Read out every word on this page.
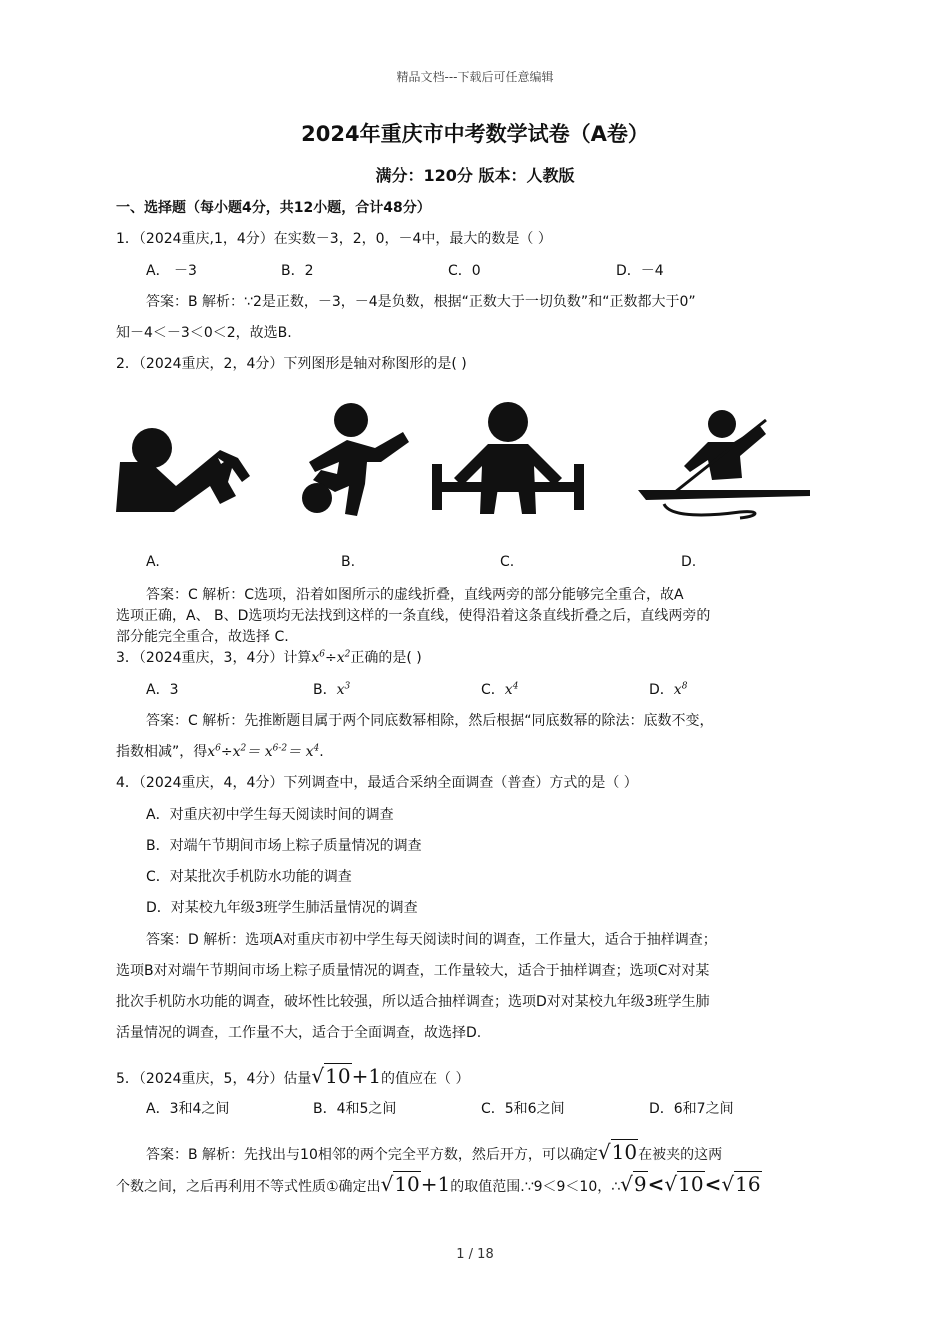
精品文档---下载后可任意编辑
2024年重庆市中考数学试卷（A卷）
满分：120分 版本：人教版
一、选择题（每小题4分，共12小题，合计48分）
1．（2024重庆,1，4分）在实数－3，2，0，－4中，最大的数是（ ）
A． －3	B．2	C．0	D．－4
答案：B 解析：∵2是正数，－3，－4是负数，根据“正数大于一切负数”和“正数都大于0”
知－4＜－3＜0＜2，故选B.
2．（2024重庆，2，4分）下列图形是轴对称图形的是( )
A.	B.	C.	D.
答案：C 解析：C选项，沿着如图所示的虚线折叠，直线两旁的部分能够完全重合，故A
选项正确，A、 B、D选项均无法找到这样的一条直线，使得沿着这条直线折叠之后，直线两旁的
部分能完全重合，故选择 C.
3．（2024重庆，3，4分）计算$x^6\div x^2$正确的是( )
A．3	B．$x^3$	C．$x^4$	D．$x^8$
答案：C 解析：先推断题目属于两个同底数幂相除，然后根据“同底数幂的除法：底数不变，
指数相减”，得$x^6\div x^2= x^{6-2}= x^4$.
4．（2024重庆，4，4分）下列调查中，最适合采纳全面调查（普查）方式的是（ ）
A．对重庆初中学生每天阅读时间的调查
B．对端午节期间市场上粽子质量情况的调查
C．对某批次手机防水功能的调查
D．对某校九年级3班学生肺活量情况的调查
答案：D 解析：选项A对重庆市初中学生每天阅读时间的调查，工作量大，适合于抽样调查；
选项B对对端午节期间市场上粽子质量情况的调查，工作量较大，适合于抽样调查；选项C对对某
批次手机防水功能的调查，破坏性比较强，所以适合抽样调查；选项D对对某校九年级3班学生肺
活量情况的调查，工作量不大，适合于全面调查，故选择D.
5．（2024重庆，5，4分）估量√10+1的值应在（ ）
A．3和4之间	B．4和5之间	C．5和6之间	D．6和7之间
答案：B 解析：先找出与10相邻的两个完全平方数，然后开方，可以确定√10在被夹的这两
个数之间，之后再利用不等式性质①确定出√10+1的取值范围.∵9＜9＜10，∴√9<√10<√16
1 / 18
